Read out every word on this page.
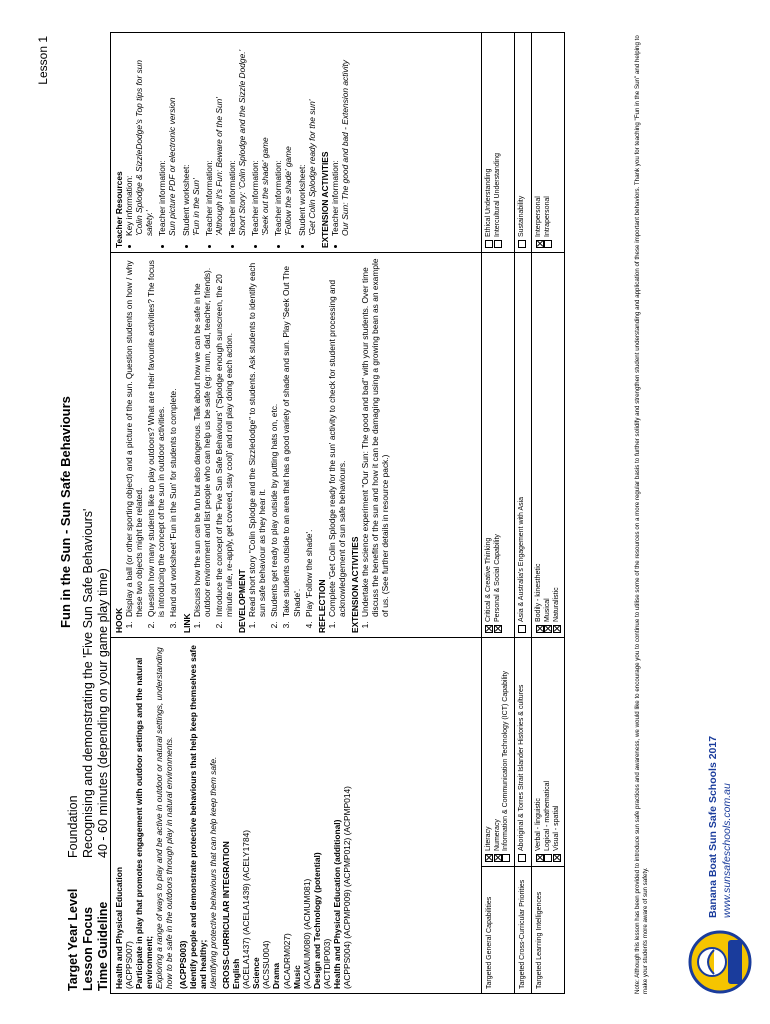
Lesson 1
Fun in the Sun - Sun Safe Behaviours
Target Year Level
Foundation
Lesson Focus
Recognising and demonstrating the 'Five Sun Safe Behaviours'
Time Guideline
40 - 60 minutes (depending on your game play time)
Health and Physical Education (ACPPS007) Participate in play that promotes engagement with outdoor settings and the natural environment; Exploring a range of ways to play and be active in outdoor or natural settings, understanding how to be safe in the outdoors through play in natural environments. (ACPPS003) Identify people and demonstrate protective behaviours that help keep themselves safe and healthy; Identifying protective behaviours that can help keep them safe. CROSS-CURRICULAR INTEGRATION English (ACELA1437) (ACELA1439) (ACELY1784) Science (ACSSU004) Drama (ACADRM027) Music (ACAMUM080) (ACMUM081) Design and Technology (potential) (ACTDIP003) Health and Physical Education (additional) (ACPPS004) (ACPMP009) (ACPMP012) (ACPMP014)
HOOK
1. Display a ball (or other sporting object) and a picture of the sun. Question students on how / why these two objects might be related. 2. Question how many students like to play outdoors? What are their favourite activities? The focus is introducing the concept of the sun in outdoor activities. 3. Hand out worksheet 'Fun in the Sun' for students to complete.
LINK
1. Discuss how the sun can be fun but also dangerous. Talk about how we can be safe in the outdoor environment and list people who can help us be safe (eg: mum, dad, teacher, friends). 2. Introduce the concept of the 'Five Sun Safe Behaviours' ('Splodge enough sunscreen, the 20 minute rule, re-apply, get covered, stay cool)' and roll play doing each action. DEVELOPMENT 1. Read short story "Colin Splodge and the Sizzledodge" to students. Ask students to identify each sun safe behaviour as they hear it. 2. Students get ready to play outside by putting hats on, etc. 3. Take students outside to an area that has a good variety of shade and sun. Play 'Seek Out The Shade'. 4. Play 'Follow the shade'. REFLECTION 1. Complete 'Get Colin Splodge ready for the sun' activity to check for student processing and acknowledgement of sun safe behaviours. EXTENSION ACTIVITIES 1. Undertake the science experiment "Our Sun: The good and bad" with your students. Over time discuss the benefits of the sun and how it can be damaging using a growing bean as an example of us. (See further details in resource pack.)
Teacher Resources • Key information:
'Colin Splodge & SizzleDodge's Top tips for sun safety.' • Teacher information:
Sun picture PDF or electronic version • Student worksheet:
'Fun in the Sun' • Teacher information:
'Although it's Fun: Beware of the Sun' • Teacher information:
Short Story: 'Colin Splodge and the Sizzle Dodge.' • Teacher information:
'Seek out the shade' game • Teacher information:
'Follow the shade' game • Student worksheet:
'Get Colin Splodge ready for the sun' EXTENSION ACTIVITIES • Teacher information:
Our Sun: The good and bad - Extension activity
Targeted General Capabilities
Literacy Numeracy Information & Communication Technology (ICT) Capability
Critical & Creative Thinking Personal & Social Capability
Ethical Understanding Intercultural Understanding
Targeted Cross-Curricular Priorities
Aboriginal & Torres Strait Islander Histories & cultures
Asia & Australia's Engagement with Asia
Sustainability
Targeted Learning Intelligences
Verbal - linguistic Logical - mathematical Visual - spatial
Bodily - kinesthetic Musical Naturalistic
Interpersonal Intrapersonal	Note: Although this lesson has been provided to introduce sun safe practices and awareness, we would like to encourage you to continue to utilise some of the resources on a more regular basis to further solidify and strengthen student understanding and application of these important behaviors. Thank you for teaching "Fun in the Sun" and helping to make your students more aware of sun safety.
Banana Boat Sun Safe Schools 2017 www.sunsafeschools.com.au
